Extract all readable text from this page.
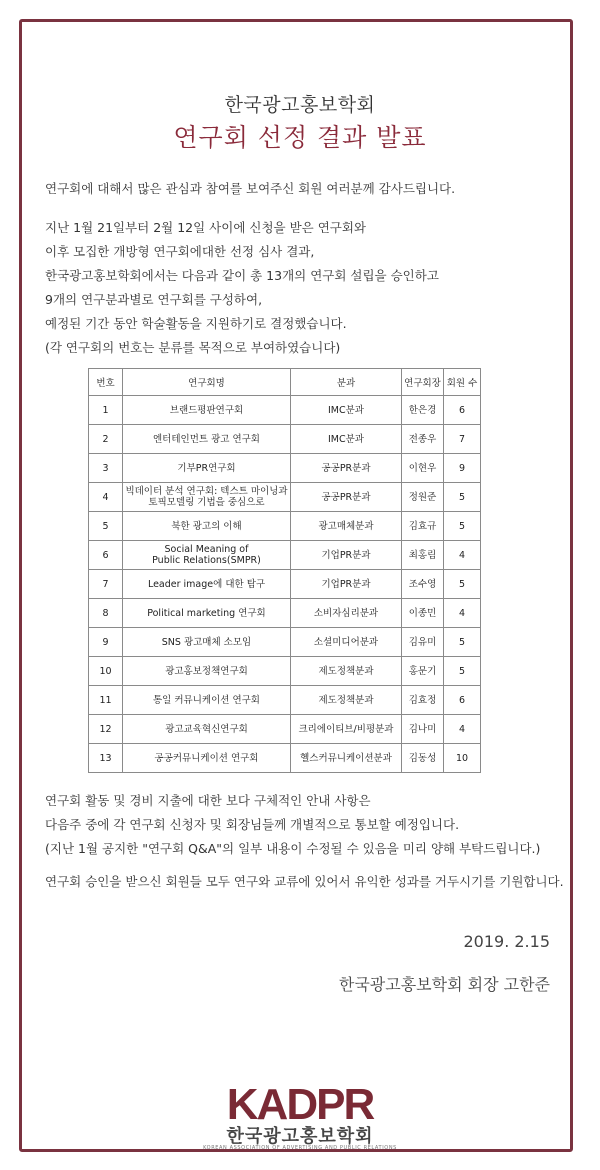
한국광고홍보학회
연구회 선정 결과 발표
연구회에 대해서 많은 관심과 참여를 보여주신 회원 여러분께 감사드립니다.
지난 1월 21일부터 2월 12일 사이에 신청을 받은 연구회와
이후 모집한 개방형 연구회에대한 선정 심사 결과,
한국광고홍보학회에서는 다음과 같이 총 13개의 연구회 설립을 승인하고
9개의 연구분과별로 연구회를 구성하여,
예정된 기간 동안 학술활동을 지원하기로 결정했습니다.
(각 연구회의 번호는 분류를 목적으로 부여하였습니다)
번호	연구회명	분과	연구회장	회원 수
1	브랜드평판연구회	IMC분과	한은경	6
2	엔터테인먼트 광고 연구회	IMC분과	전종우	7
3	기부PR연구회	공공PR분과	이현우	9
4	빅데이터 분석 연구회: 텍스트 마이닝과
토픽모델링 기법을 중심으로	공공PR분과	정원준	5
5	북한 광고의 이해	광고매체분과	김효규	5
6	Social Meaning of
Public Relations(SMPR)	기업PR분과	최홍림	4
7	Leader image에 대한 탐구	기업PR분과	조수영	5
8	Political marketing 연구회	소비자심리분과	이종민	4
9	SNS 광고매체 소모임	소셜미디어분과	김유미	5
10	광고홍보정책연구회	제도정책분과	홍문기	5
11	통일 커뮤니케이션 연구회	제도정책분과	김효정	6
12	광고교육혁신연구회	크리에이티브/비평분과	김나미	4
13	공공커뮤니케이션 연구회	헬스커뮤니케이션분과	김동성	10
연구회 활동 및 경비 지출에 대한 보다 구체적인 안내 사항은
다음주 중에 각 연구회 신청자 및 회장님들께 개별적으로 통보할 예정입니다.
(지난 1월 공지한 "연구회 Q&A"의 일부 내용이 수정될 수 있음을 미리 양해 부탁드립니다.)
연구회 승인을 받으신 회원들 모두 연구와 교류에 있어서 유익한 성과를 거두시기를 기원합니다.
2019. 2.15
한국광고홍보학회 회장 고한준
KADPR
한국광고홍보학회
KOREAN ASSOCIATION OF ADVERTISING AND PUBLIC RELATIONS
